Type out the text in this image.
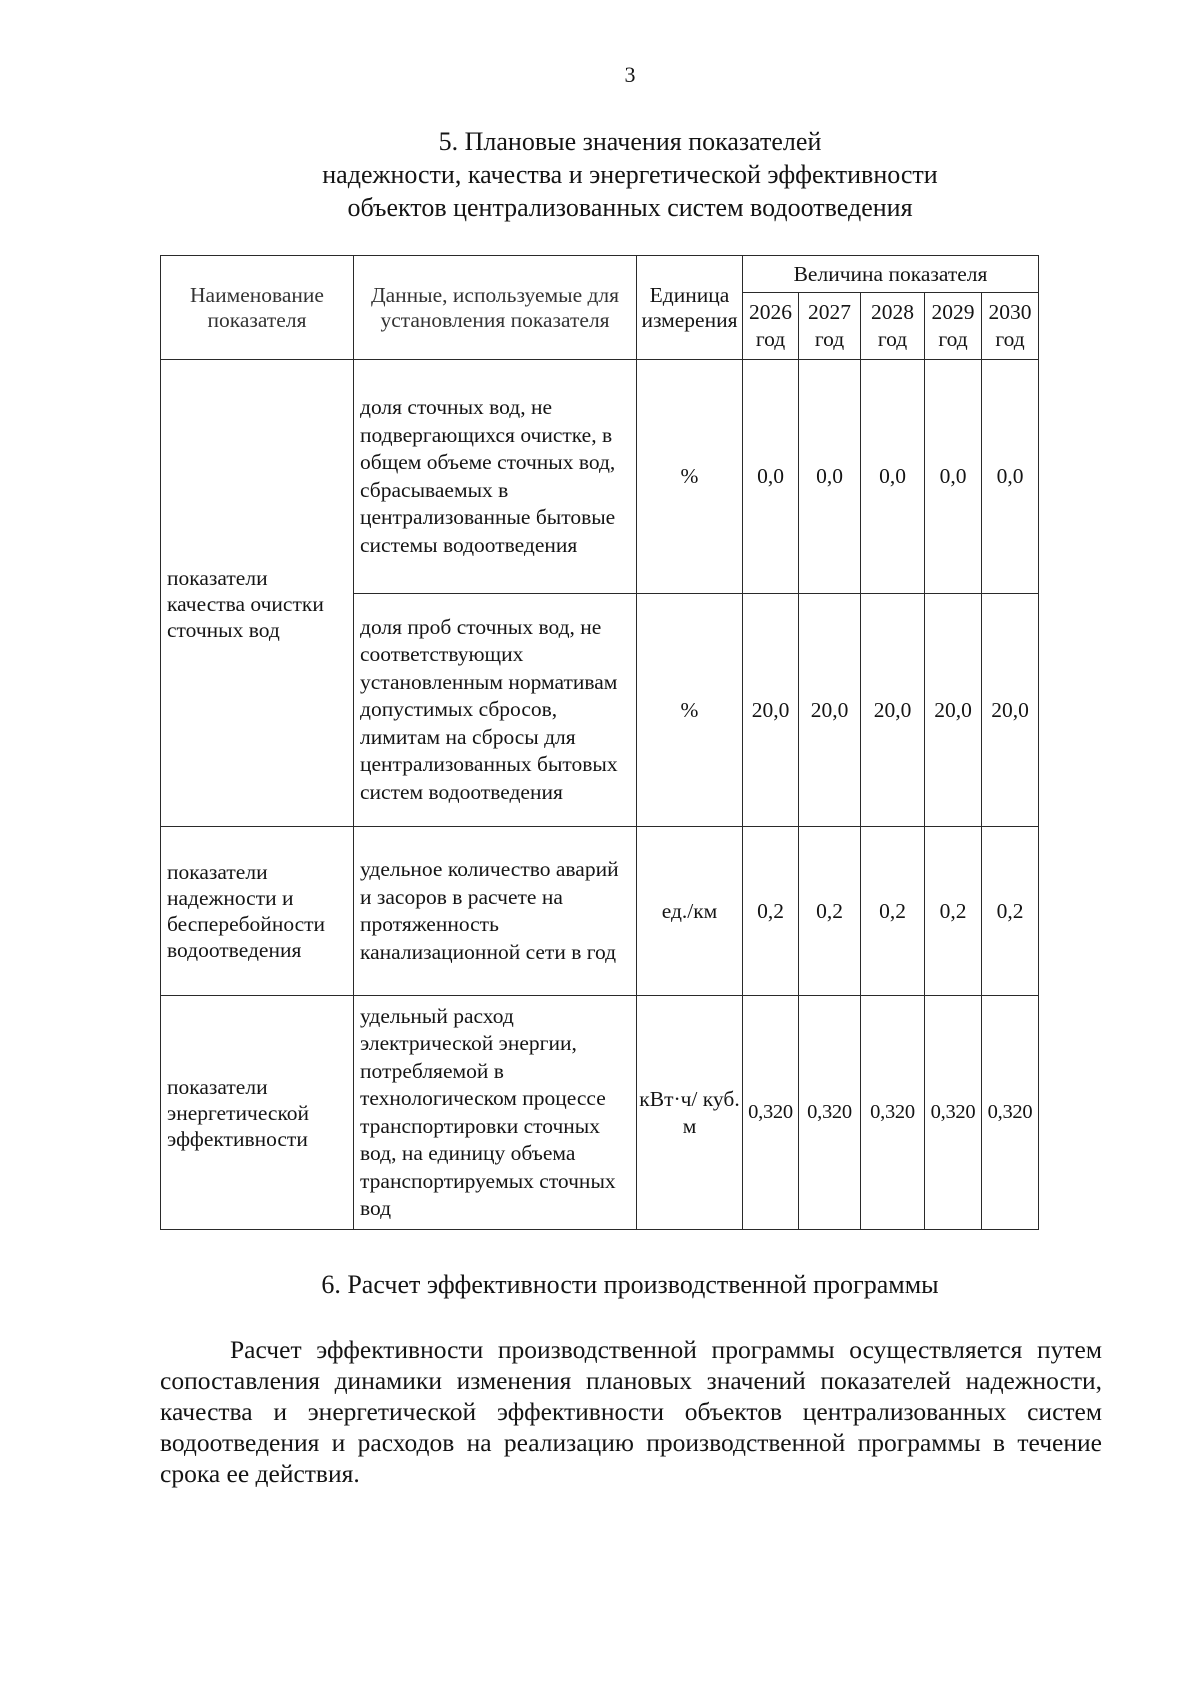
3
5. Плановые значения показателей
надежности, качества и энергетической эффективности
объектов централизованных систем водоотведения
Наименование показателя	Данные, используемые для установления показателя	Единица измерения	Величина показателя				
			2026 год	2027 год	2028 год	2029 год	2030 год
показатели качества очистки сточных вод	доля сточных вод, не подвергающихся очистке, в общем объеме сточных вод, сбрасываемых в централизованные бытовые системы водоотведения	%	0,0	0,0	0,0	0,0	0,0
	доля проб сточных вод, не соответствующих установленным нормативам допустимых сбросов, лимитам на сбросы для централизованных бытовых систем водоотведения	%	20,0	20,0	20,0	20,0	20,0
показатели надежности и бесперебойности водоотведения	удельное количество аварий и засоров в расчете на протяженность канализационной сети в год	ед./км	0,2	0,2	0,2	0,2	0,2
показатели энергетической эффективности	удельный расход электрической энергии, потребляемой в технологическом процессе транспортировки сточных вод, на единицу объема транспортируемых сточных вод	кВт·ч/ куб. м	0,320	0,320	0,320	0,320	0,320
6. Расчет эффективности производственной программы
Расчет эффективности производственной программы осуществляется путем сопоставления динамики изменения плановых значений показателей надежности, качества и энергетической эффективности объектов централизованных систем водоотведения и расходов на реализацию производственной программы в течение срока ее действия.
